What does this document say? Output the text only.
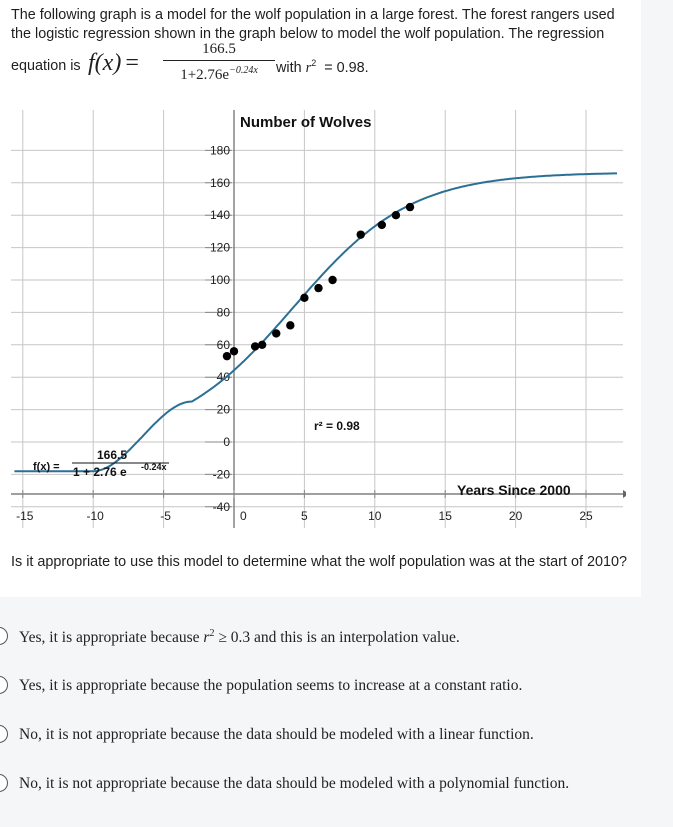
The following graph is a model for the wolf population in a large forest. The forest rangers used the logistic regression shown in the graph below to model the wolf population. The regression
equation is f(x) =
166.5
$1+2.76e^{-0.24x}$	with $r^2 = 0.98$.
180
160
140
120
100
80
60
40
20
0
-20
-40
-15	-10	-5	0	5	10	15	20	25
Number of Wolves
Years Since 2000
r² = 0.98
f(x) =
166.5
1 + 2.76 e -0.24x
Is it appropriate to use this model to determine what the wolf population was at the start of 2010?
Yes, it is appropriate because $r^2 \ge 0.3$ and this is an interpolation value.
Yes, it is appropriate because the population seems to increase at a constant ratio.
No, it is not appropriate because the data should be modeled with a linear function.
No, it is not appropriate because the data should be modeled with a polynomial function.
